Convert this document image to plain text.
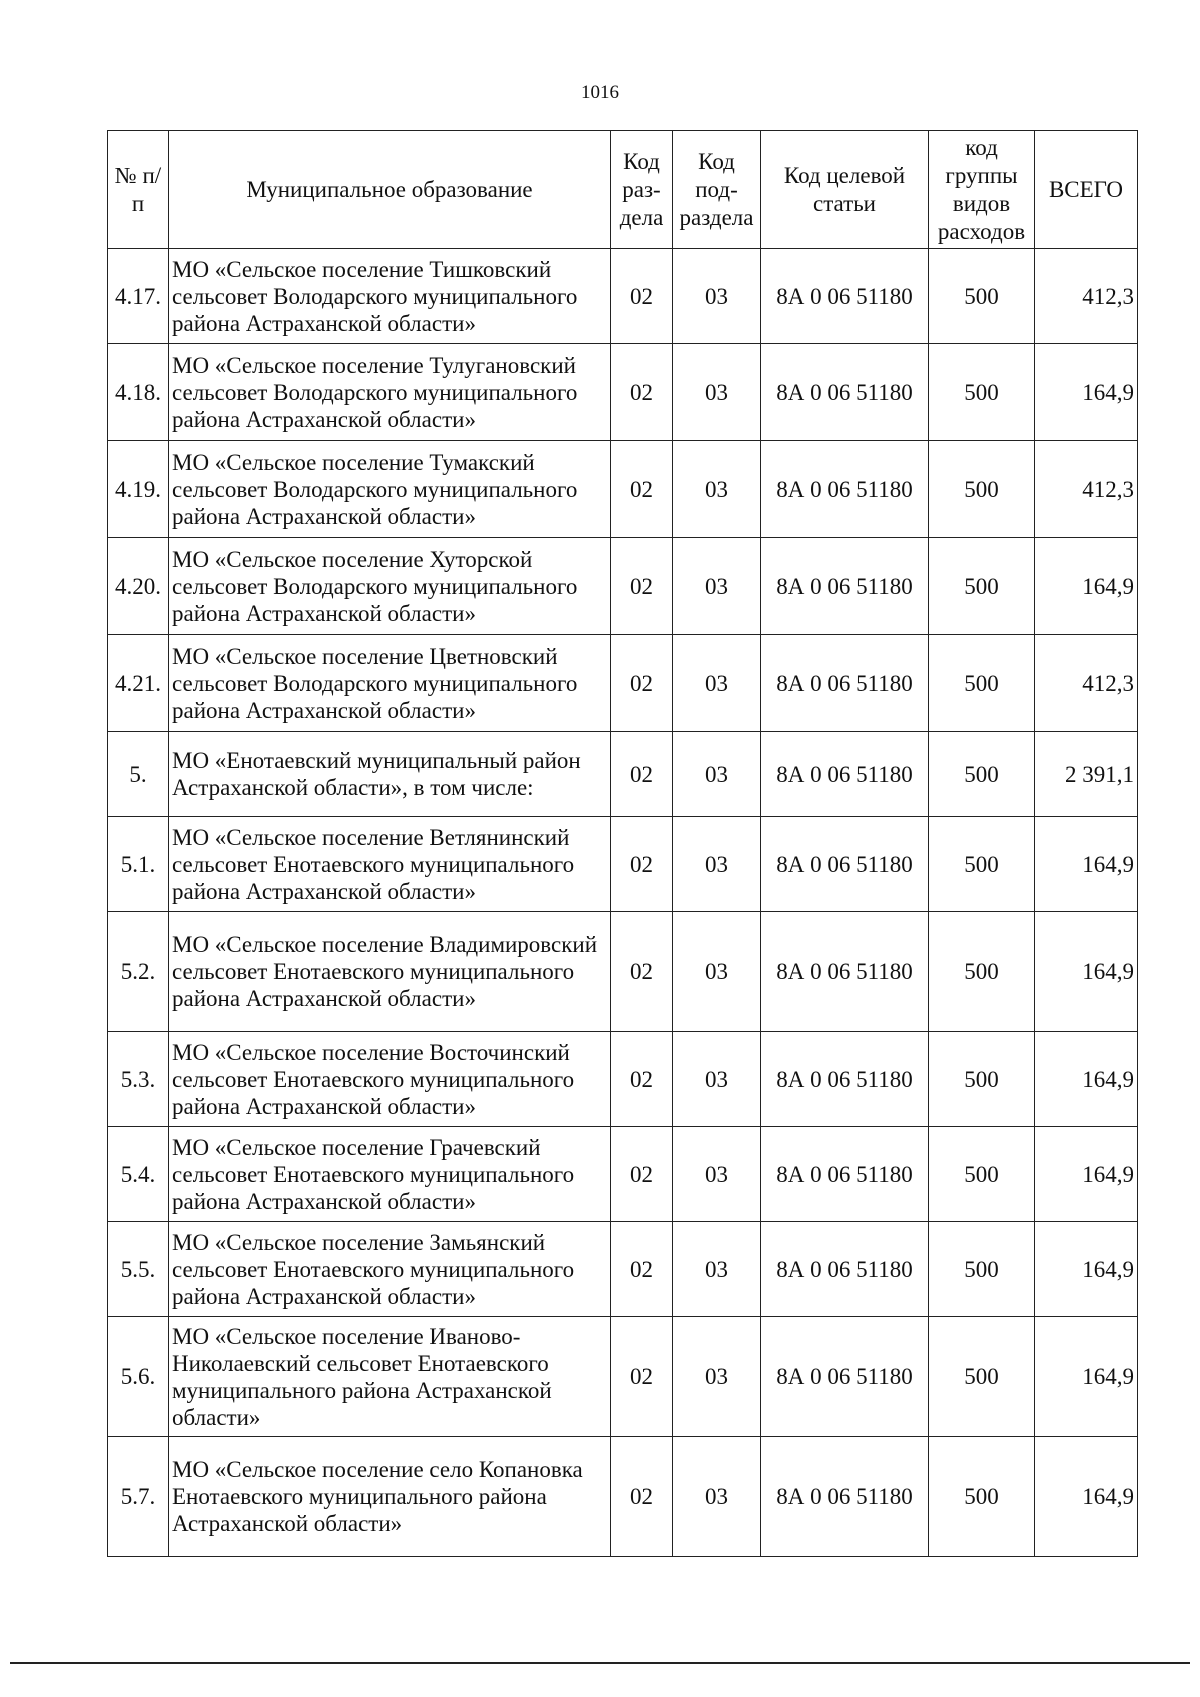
1016
№ п/п	Муниципальное образование	Код раз-дела	Код под-раздела	Код целевой статьи	код группы видов расходов	ВСЕГО
4.17.	МО «Сельское поселение Тишковский сельсовет Володарского муниципального района Астраханской области»	02	03	8А 0 06 51180	500	412,3
4.18.	МО «Сельское поселение Тулугановский сельсовет Володарского муниципального района Астраханской области»	02	03	8А 0 06 51180	500	164,9
4.19.	МО «Сельское поселение Тумакский сельсовет Володарского муниципального района Астраханской области»	02	03	8А 0 06 51180	500	412,3
4.20.	МО «Сельское поселение Хуторской сельсовет Володарского муниципального района Астраханской области»	02	03	8А 0 06 51180	500	164,9
4.21.	МО «Сельское поселение Цветновский сельсовет Володарского муниципального района Астраханской области»	02	03	8А 0 06 51180	500	412,3
5.	МО «Енотаевский муниципальный район Астраханской области», в том числе:	02	03	8А 0 06 51180	500	2 391,1
5.1.	МО «Сельское поселение Ветлянинский сельсовет Енотаевского муниципального района Астраханской области»	02	03	8А 0 06 51180	500	164,9
5.2.	МО «Сельское поселение Владимировский сельсовет Енотаевского муниципального района Астраханской области»	02	03	8А 0 06 51180	500	164,9
5.3.	МО «Сельское поселение Восточинский сельсовет Енотаевского муниципального района Астраханской области»	02	03	8А 0 06 51180	500	164,9
5.4.	МО «Сельское поселение Грачевский сельсовет Енотаевского муниципального района Астраханской области»	02	03	8А 0 06 51180	500	164,9
5.5.	МО «Сельское поселение Замьянский сельсовет Енотаевского муниципального района Астраханской области»	02	03	8А 0 06 51180	500	164,9
5.6.	МО «Сельское поселение Иваново-Николаевский сельсовет Енотаевского муниципального района Астраханской области»	02	03	8А 0 06 51180	500	164,9
5.7.	МО «Сельское поселение село Копановка Енотаевского муниципального района Астраханской области»	02	03	8А 0 06 51180	500	164,9
